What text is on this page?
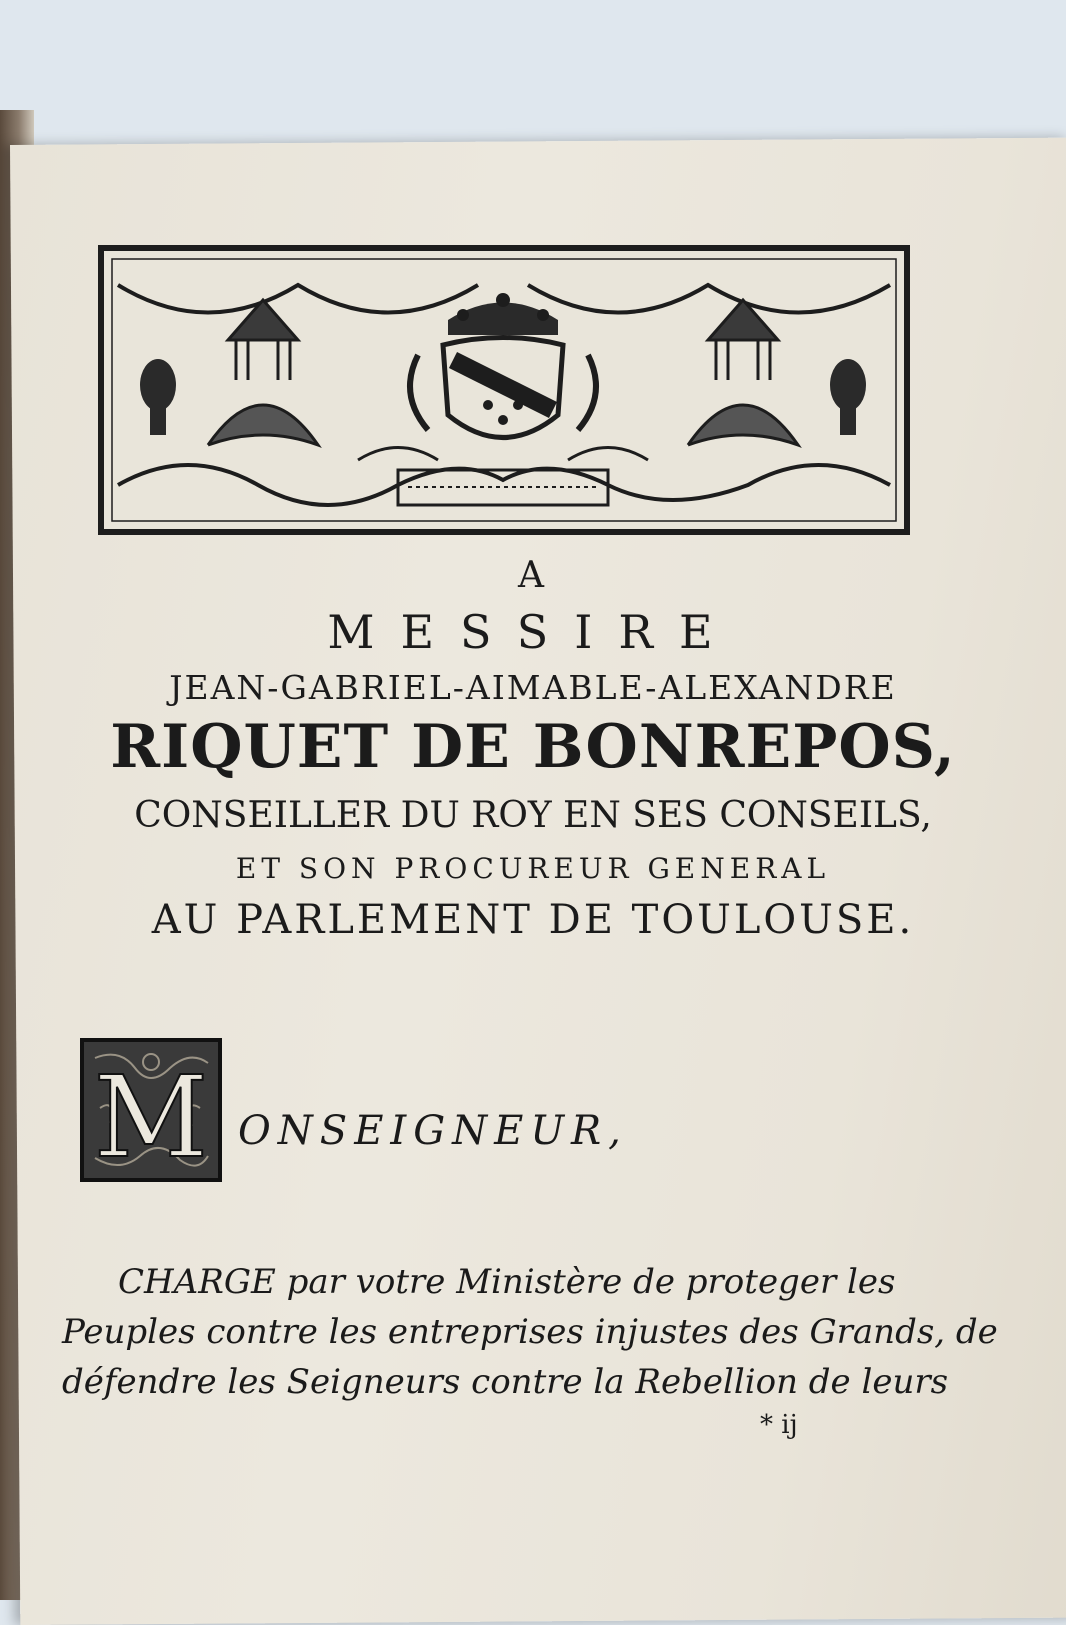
A
MESSIRE
JEAN-GABRIEL-AIMABLE-ALEXANDRE
RIQUET DE BONREPOS,
CONSEILLER DU ROY EN SES CONSEILS,
ET SON PROCUREUR GENERAL
AU PARLEMENT DE TOULOUSE.
M ONSEIGNEUR,
CHARGE par votre Ministère de proteger les
Peuples contre les entreprises injustes des Grands, de
défendre les Seigneurs contre la Rebellion de leurs
* ij
